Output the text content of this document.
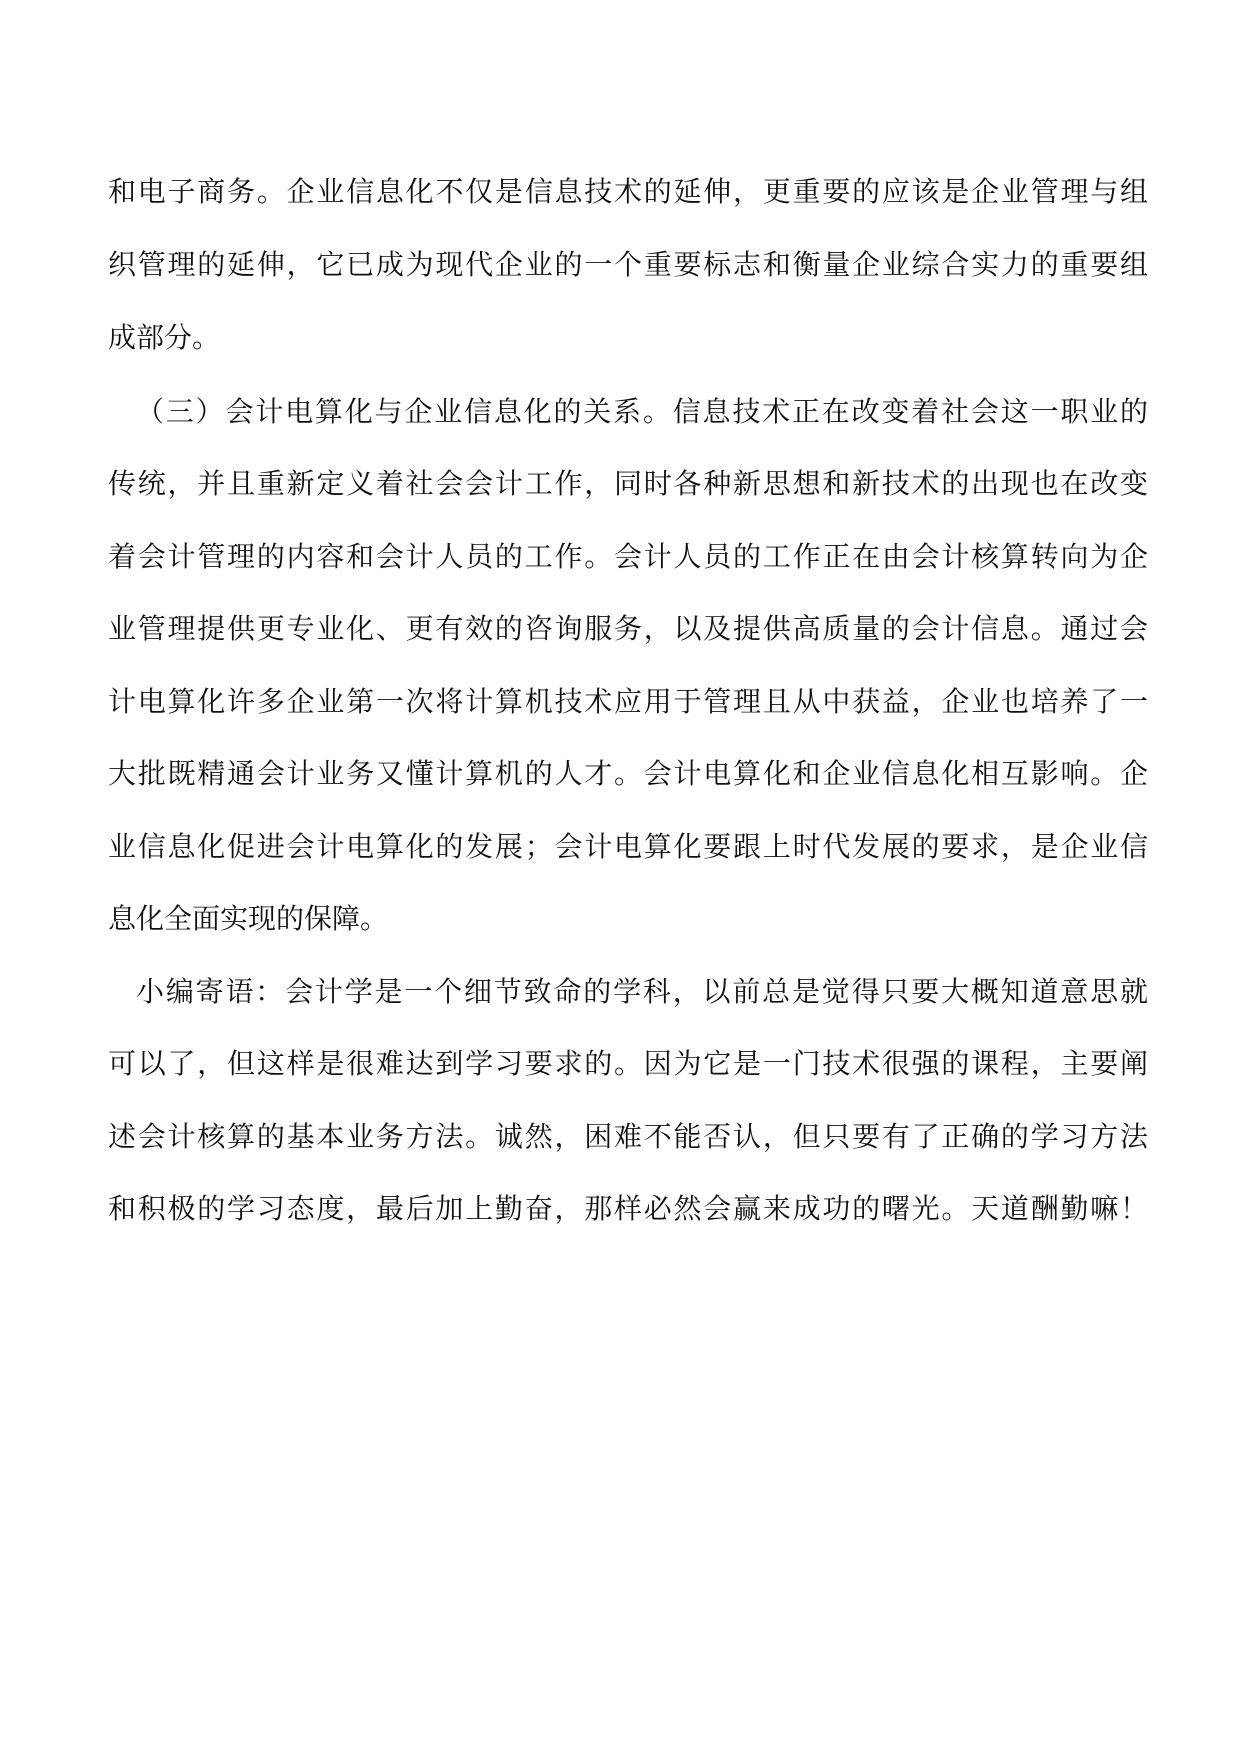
和电子商务。企业信息化不仅是信息技术的延伸，更重要的应该是企业管理与组

织管理的延伸，它已成为现代企业的一个重要标志和衡量企业综合实力的重要组

成部分。

（三）会计电算化与企业信息化的关系。信息技术正在改变着社会这一职业的

传统，并且重新定义着社会会计工作，同时各种新思想和新技术的出现也在改变

着会计管理的内容和会计人员的工作。会计人员的工作正在由会计核算转向为企

业管理提供更专业化、更有效的咨询服务，以及提供高质量的会计信息。通过会

计电算化许多企业第一次将计算机技术应用于管理且从中获益，企业也培养了一

大批既精通会计业务又懂计算机的人才。会计电算化和企业信息化相互影响。企

业信息化促进会计电算化的发展；会计电算化要跟上时代发展的要求，是企业信

息化全面实现的保障。

小编寄语：会计学是一个细节致命的学科，以前总是觉得只要大概知道意思就

可以了，但这样是很难达到学习要求的。因为它是一门技术很强的课程，主要阐

述会计核算的基本业务方法。诚然，困难不能否认，但只要有了正确的学习方法

和积极的学习态度，最后加上勤奋，那样必然会赢来成功的曙光。天道酬勤嘛！
